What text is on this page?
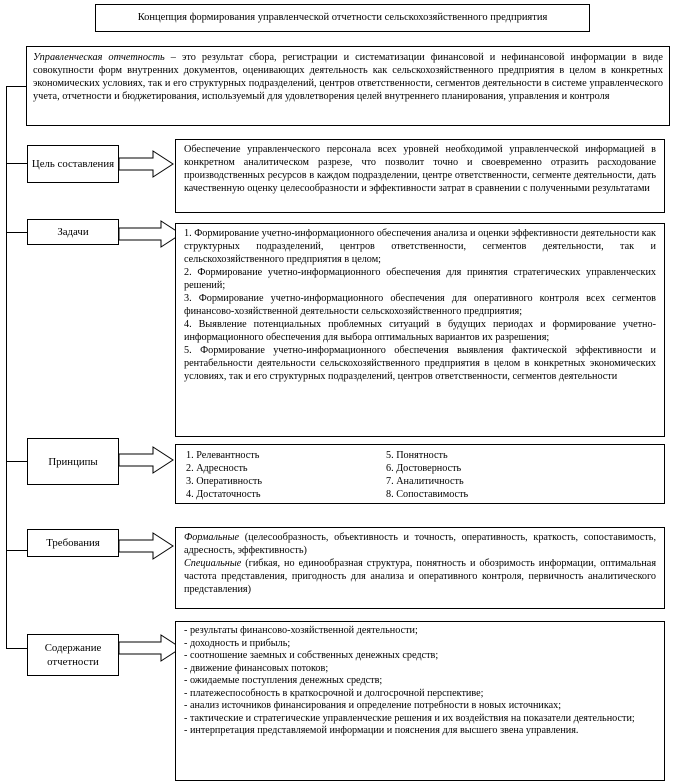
Концепция формирования управленческой отчетности сельскохозяйственного предприятия
Управленческая отчетность – это результат сбора, регистрации и систематизации финансовой и нефинансовой информации в виде совокупности форм внутренних документов, оценивающих деятельность как сельскохозяйственного предприятия в целом в конкретных экономических условиях, так и его структурных подразделений, центров ответственности, сегментов деятельности в системе управленческого учета, отчетности и бюджетирования, используемый для удовлетворения целей внутреннего планирования, управления и контроля
Цель составления
Обеспечение управленческого персонала всех уровней необходимой управленческой информацией в конкретном аналитическом разрезе, что позволит точно и своевременно отразить расходование производственных ресурсов в каждом подразделении, центре ответственности, сегменте деятельности, дать качественную оценку целесообразности и эффективности затрат в сравнении с полученными результатами
Задачи	1. Формирование учетно-информационного обеспечения анализа и оценки эффективности деятельности как структурных подразделений, центров ответственности, сегментов деятельности, так и сельскохозяйственного предприятия в целом;
2. Формирование учетно-информационного обеспечения для принятия стратегических управленческих решений;
3. Формирование учетно-информационного обеспечения для оперативного контроля всех сегментов финансово-хозяйственной деятельности сельскохозяйственного предприятия;
4. Выявление потенциальных проблемных ситуаций в будущих периодах и формирование учетно-информационного обеспечения для выбора оптимальных вариантов их разрешения;
5. Формирование учетно-информационного обеспечения выявления фактической эффективности и рентабельности деятельности сельскохозяйственного предприятия в целом в конкретных экономических условиях, так и его структурных подразделений, центров ответственности, сегментов деятельности
Принципы	1. Релевантность
2. Адресность
3. Оперативность
4. Достаточность
5. Понятность
6. Достоверность
7. Аналитичность
8. Сопоставимость
Требования	Формальные (целесообразность, объективность и точность, оперативность, краткость, сопоставимость, адресность, эффективность)
Специальные (гибкая, но единообразная структура, понятность и обозримость информации, оптимальная частота представления, пригодность для анализа и оперативного контроля, первичность аналитического представления)
Содержание отчетности
- результаты финансово-хозяйственной деятельности;
- доходность и прибыль;
- соотношение заемных и собственных денежных средств;
- движение финансовых потоков;
- ожидаемые поступления денежных средств;
- платежеспособность в краткосрочной и долгосрочной перспективе;
- анализ источников финансирования и определение потребности в новых источниках;
- тактические и стратегические управленческие решения и их воздействия на показатели деятельности;
- интерпретация представляемой информации и пояснения для высшего звена управления.
